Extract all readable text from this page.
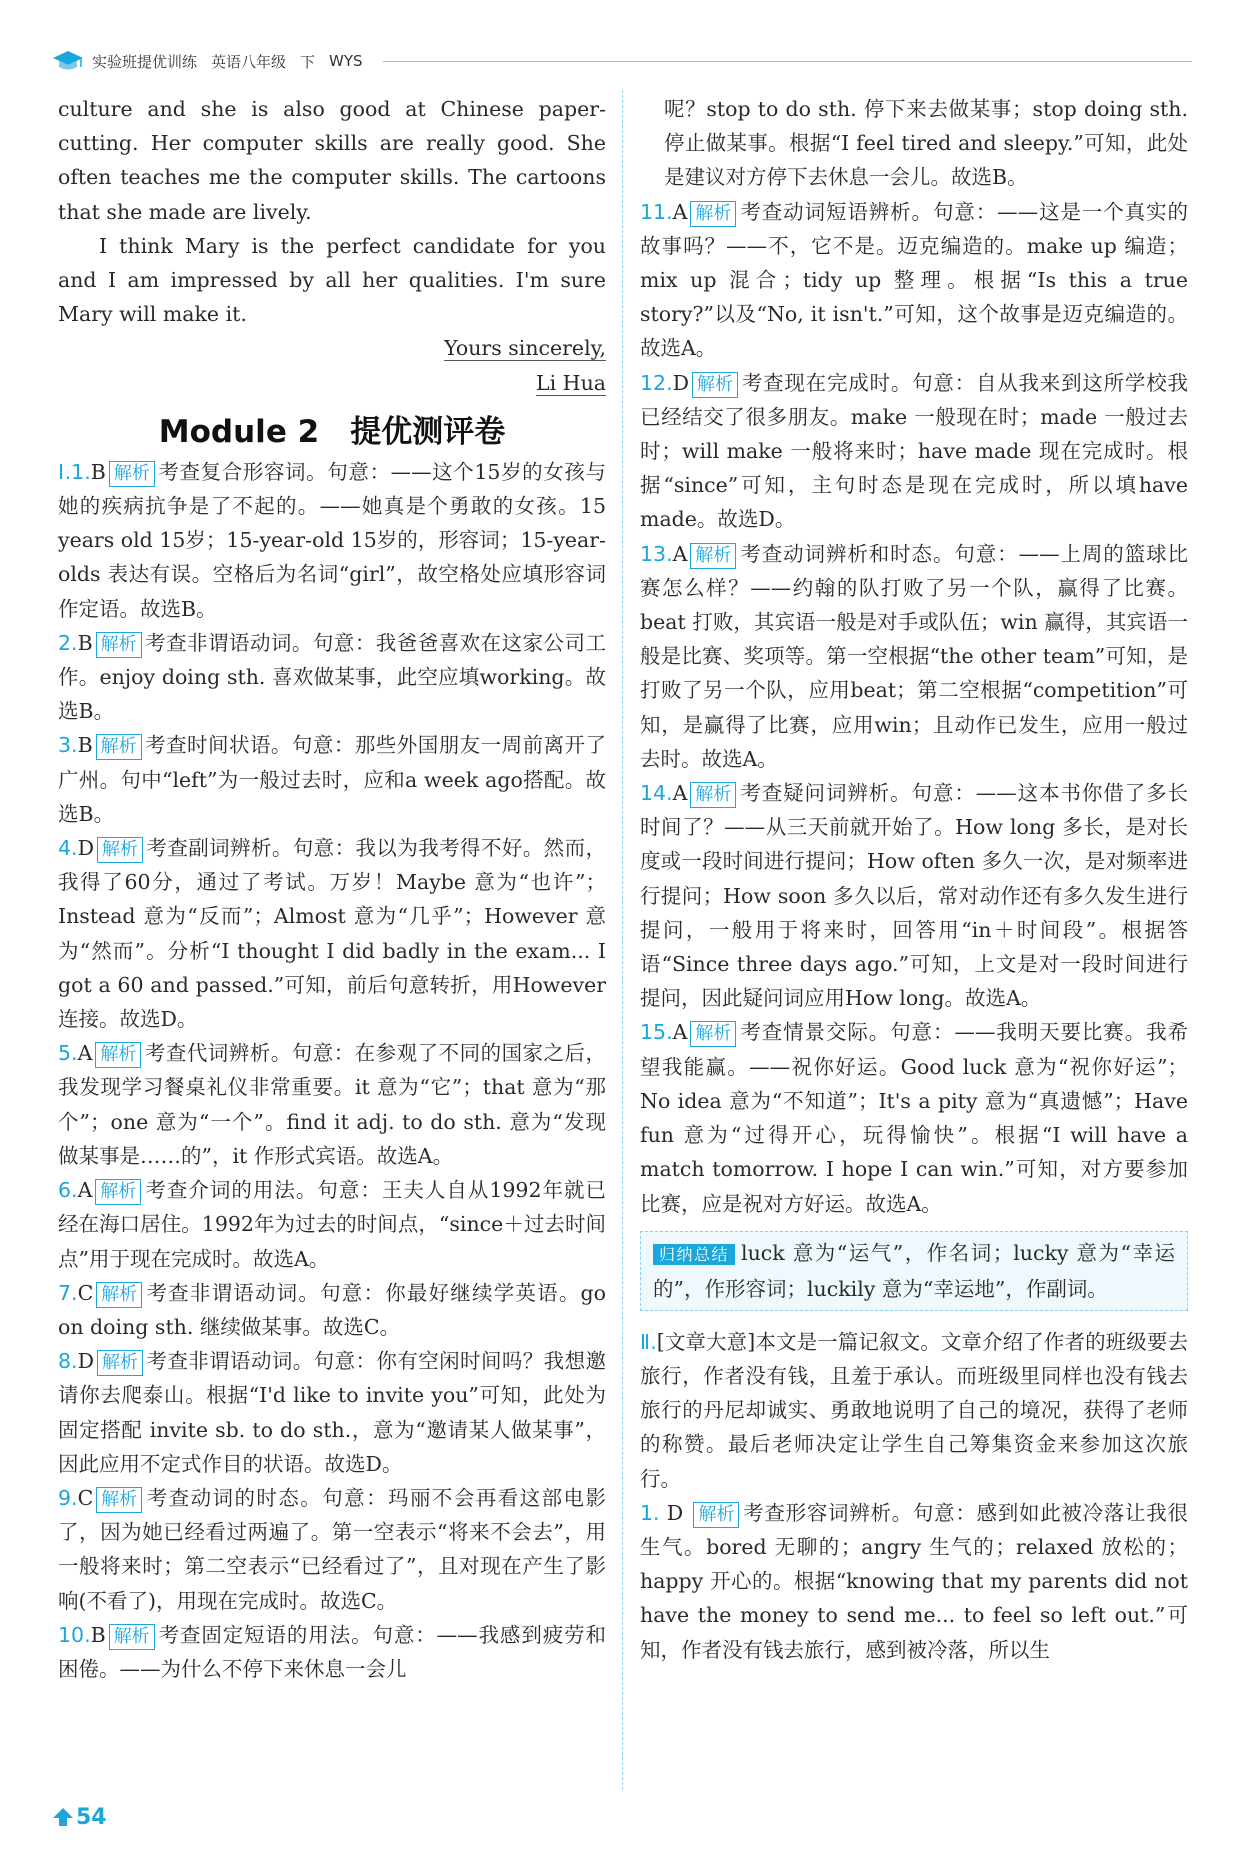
实验班提优训练 英语八年级 下 WYS

culture and she is also good at Chinese paper-cutting. Her computer skills are really good. She often teaches me the computer skills. The cartoons that she made are lively.

I think Mary is the perfect candidate for you and I am impressed by all her qualities. I'm sure Mary will make it.

Yours sincerely,

Li Hua

Module 2　提优测评卷

Ⅰ.1.B 解析 考查复合形容词。句意：——这个15岁的女孩与她的疾病抗争是了不起的。——她真是个勇敢的女孩。15 years old 15岁；15-year-old 15岁的，形容词；15-year-olds 表达有误。空格后为名词“girl”，故空格处应填形容词作定语。故选B。

2.B 解析 考查非谓语动词。句意：我爸爸喜欢在这家公司工作。enjoy doing sth. 喜欢做某事，此空应填working。故选B。

3.B 解析 考查时间状语。句意：那些外国朋友一周前离开了广州。句中“left”为一般过去时，应和a week ago搭配。故选B。

4.D 解析 考查副词辨析。句意：我以为我考得不好。然而，我得了60分，通过了考试。万岁！Maybe 意为“也许”；Instead 意为“反而”；Almost 意为“几乎”；However 意为“然而”。分析“I thought I did badly in the exam... I got a 60 and passed.”可知，前后句意转折，用However连接。故选D。

5.A 解析 考查代词辨析。句意：在参观了不同的国家之后，我发现学习餐桌礼仪非常重要。it 意为“它”；that 意为“那个”；one 意为“一个”。find it adj. to do sth. 意为“发现做某事是……的”，it 作形式宾语。故选A。

6.A 解析 考查介词的用法。句意：王夫人自从1992年就已经在海口居住。1992年为过去的时间点，“since＋过去时间点”用于现在完成时。故选A。

7.C 解析 考查非谓语动词。句意：你最好继续学英语。go on doing sth. 继续做某事。故选C。

8.D 解析 考查非谓语动词。句意：你有空闲时间吗？我想邀请你去爬泰山。根据“I'd like to invite you”可知，此处为固定搭配 invite sb. to do sth.，意为“邀请某人做某事”，因此应用不定式作目的状语。故选D。

9.C 解析 考查动词的时态。句意：玛丽不会再看这部电影了，因为她已经看过两遍了。第一空表示“将来不会去”，用一般将来时；第二空表示“已经看过了”，且对现在产生了影响(不看了)，用现在完成时。故选C。

10.B 解析 考查固定短语的用法。句意：——我感到疲劳和困倦。——为什么不停下来休息一会儿

呢？stop to do sth. 停下来去做某事；stop doing sth. 停止做某事。根据“I feel tired and sleepy.”可知，此处是建议对方停下去休息一会儿。故选B。

11.A 解析 考查动词短语辨析。句意：——这是一个真实的故事吗？——不，它不是。迈克编造的。make up 编造；mix up 混合；tidy up 整理。根据“Is this a true story?”以及“No, it isn't.”可知，这个故事是迈克编造的。故选A。

12.D 解析 考查现在完成时。句意：自从我来到这所学校我已经结交了很多朋友。make 一般现在时；made 一般过去时；will make 一般将来时；have made 现在完成时。根据“since”可知，主句时态是现在完成时，所以填have made。故选D。

13.A 解析 考查动词辨析和时态。句意：——上周的篮球比赛怎么样？——约翰的队打败了另一个队，赢得了比赛。beat 打败，其宾语一般是对手或队伍；win 赢得，其宾语一般是比赛、奖项等。第一空根据“the other team”可知，是打败了另一个队，应用beat；第二空根据“competition”可知，是赢得了比赛，应用win；且动作已发生，应用一般过去时。故选A。

14.A 解析 考查疑问词辨析。句意：——这本书你借了多长时间了？——从三天前就开始了。How long 多长，是对长度或一段时间进行提问；How often 多久一次，是对频率进行提问；How soon 多久以后，常对动作还有多久发生进行提问，一般用于将来时，回答用“in＋时间段”。根据答语“Since three days ago.”可知，上文是对一段时间进行提问，因此疑问词应用How long。故选A。

15.A 解析 考查情景交际。句意：——我明天要比赛。我希望我能赢。——祝你好运。Good luck 意为“祝你好运”；No idea 意为“不知道”；It's a pity 意为“真遗憾”；Have fun 意为“过得开心，玩得愉快”。根据“I will have a match tomorrow. I hope I can win.”可知，对方要参加比赛，应是祝对方好运。故选A。

归纳总结 luck 意为“运气”，作名词；lucky 意为“幸运的”，作形容词；luckily 意为“幸运地”，作副词。

Ⅱ.[文章大意]本文是一篇记叙文。文章介绍了作者的班级要去旅行，作者没有钱，且羞于承认。而班级里同样也没有钱去旅行的丹尼却诚实、勇敢地说明了自己的境况，获得了老师的称赞。最后老师决定让学生自己筹集资金来参加这次旅行。

1. D 解析 考查形容词辨析。句意：感到如此被冷落让我很生气。bored 无聊的；angry 生气的；relaxed 放松的；happy 开心的。根据“knowing that my parents did not have the money to send me... to feel so left out.”可知，作者没有钱去旅行，感到被冷落，所以生

54
